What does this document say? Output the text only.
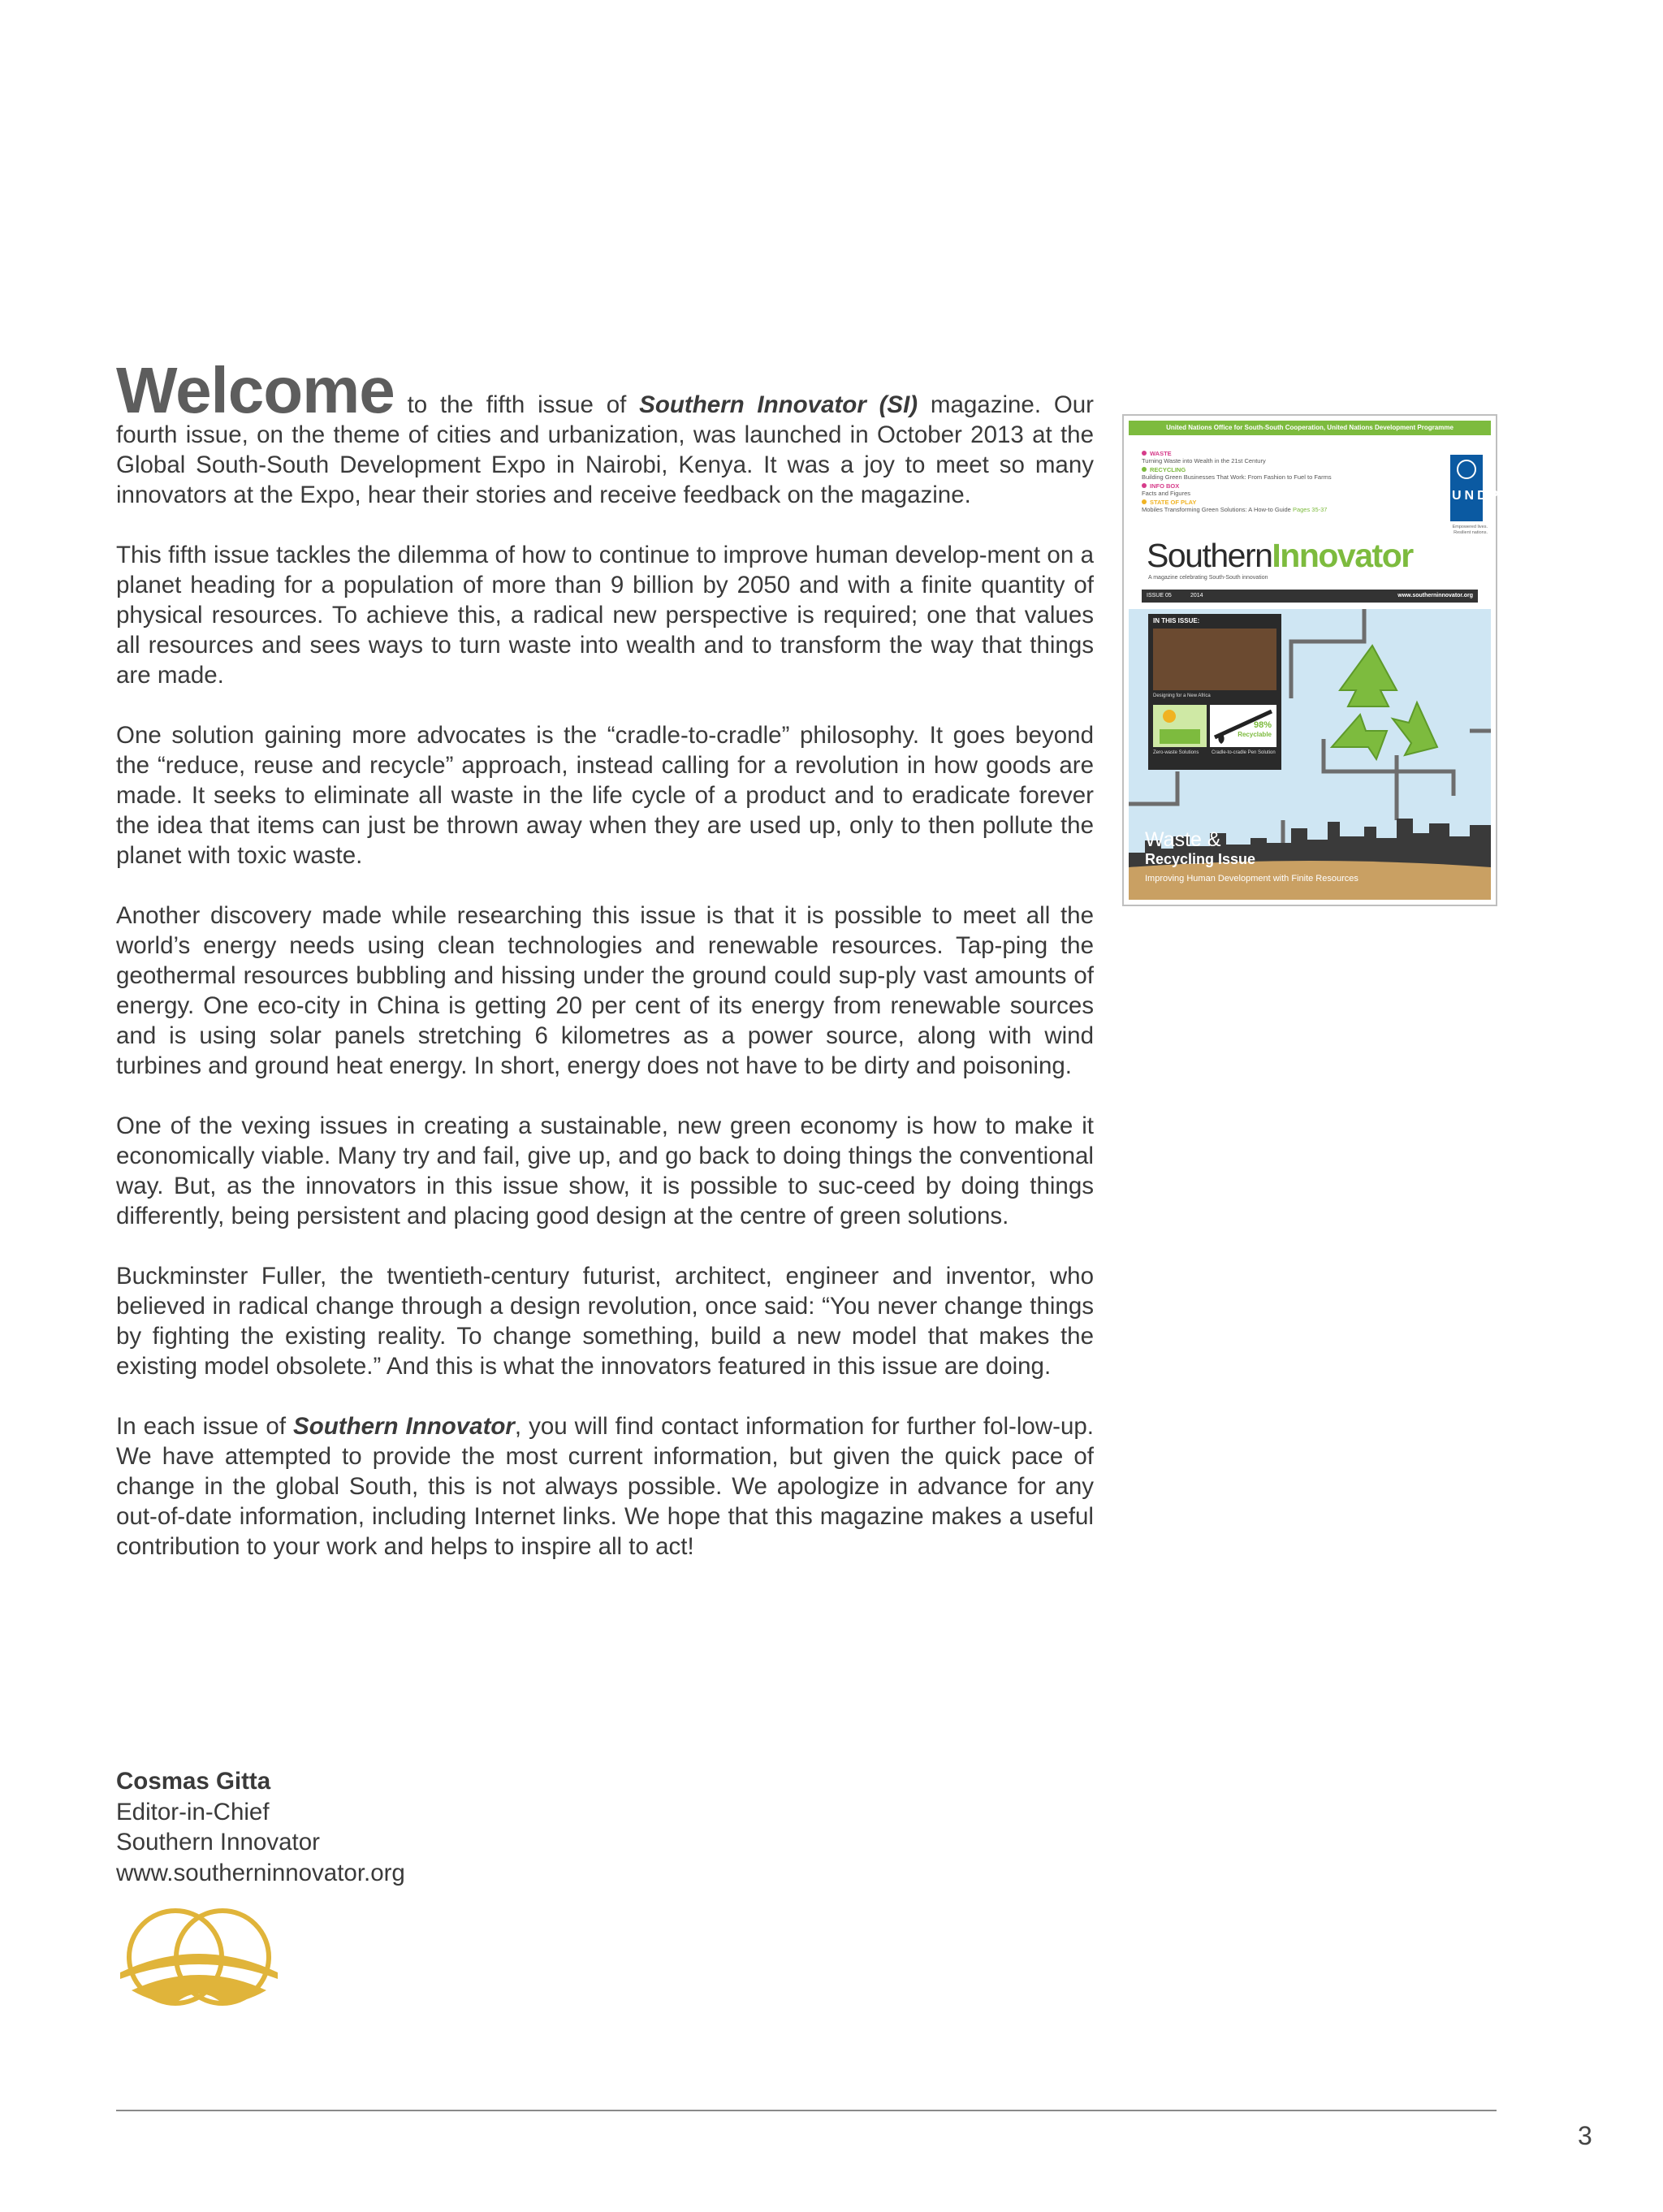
Welcome to the fifth issue of Southern Innovator (SI) magazine. Our fourth issue, on the theme of cities and urbanization, was launched in October 2013 at the Global South-South Development Expo in Nairobi, Kenya. It was a joy to meet so many innovators at the Expo, hear their stories and receive feedback on the magazine.

This fifth issue tackles the dilemma of how to continue to improve human develop-ment on a planet heading for a population of more than 9 billion by 2050 and with a finite quantity of physical resources. To achieve this, a radical new perspective is required; one that values all resources and sees ways to turn waste into wealth and to transform the way that things are made.

One solution gaining more advocates is the “cradle-to-cradle” philosophy. It goes beyond the “reduce, reuse and recycle” approach, instead calling for a revolution in how goods are made. It seeks to eliminate all waste in the life cycle of a product and to eradicate forever the idea that items can just be thrown away when they are used up, only to then pollute the planet with toxic waste.

Another discovery made while researching this issue is that it is possible to meet all the world’s energy needs using clean technologies and renewable resources. Tap-ping the geothermal resources bubbling and hissing under the ground could sup-ply vast amounts of energy. One eco-city in China is getting 20 per cent of its energy from renewable sources and is using solar panels stretching 6 kilometres as a power source, along with wind turbines and ground heat energy. In short, energy does not have to be dirty and poisoning.

One of the vexing issues in creating a sustainable, new green economy is how to make it economically viable. Many try and fail, give up, and go back to doing things the conventional way. But, as the innovators in this issue show, it is possible to suc-ceed by doing things differently, being persistent and placing good design at the centre of green solutions.

Buckminster Fuller, the twentieth-century futurist, architect, engineer and inventor, who believed in radical change through a design revolution, once said: “You never change things by fighting the existing reality. To change something, build a new model that makes the existing model obsolete.” And this is what the innovators featured in this issue are doing.

In each issue of Southern Innovator, you will find contact information for further fol-low-up. We have attempted to provide the most current information, but given the quick pace of change in the global South, this is not always possible. We apologize in advance for any out-of-date information, including Internet links. We hope that this magazine makes a useful contribution to your work and helps to inspire all to act!

Cosmas Gitta
Editor-in-Chief
Southern Innovator
www.southerninnovator.org
United Nations Office for South-South Cooperation, United Nations Development Programme
WASTE
Turning Waste into Wealth in the 21st Century
RECYCLING
Building Green Businesses That Work: From Fashion to Fuel to Farms
INFO BOX
Facts and Figures
STATE OF PLAY
Mobiles Transforming Green Solutions: A How-to Guide Pages 35-37
UNDP
Empowered lives. Resilient nations.
SouthernInnovator
A magazine celebrating South-South innovation
ISSUE 05	2014	www.southerninnovator.org
IN THIS ISSUE:
Designing for a New Africa
98%
Recyclable
Zero-waste Solutions	Cradle-to-cradle Pen Solution
Waste &
Recycling Issue
Improving Human Development with Finite Resources
3
